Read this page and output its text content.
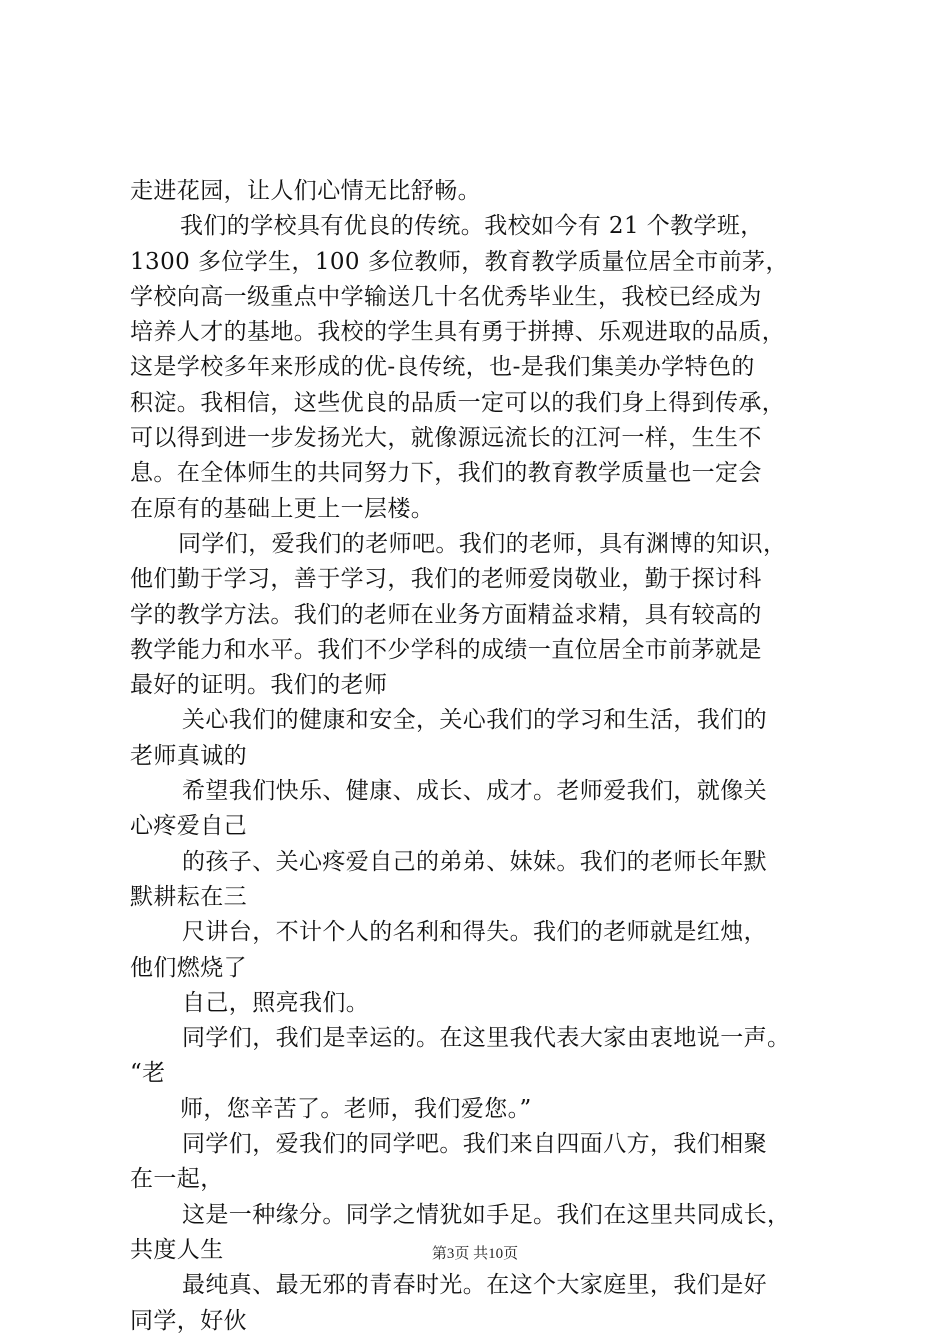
走进花园，让人们心情无比舒畅。
我们的学校具有优良的传统。我校如今有 21 个教学班，
1300 多位学生，100 多位教师，教育教学质量位居全市前茅，
学校向高一级重点中学输送几十名优秀毕业生，我校已经成为
培养人才的基地。我校的学生具有勇于拼搏、乐观进取的品质，
这是学校多年来形成的优-良传统，也-是我们集美办学特色的
积淀。我相信，这些优良的品质一定可以的我们身上得到传承，
可以得到进一步发扬光大，就像源远流长的江河一样，生生不
息。在全体师生的共同努力下，我们的教育教学质量也一定会
在原有的基础上更上一层楼。
同学们，爱我们的老师吧。我们的老师，具有渊博的知识，
他们勤于学习，善于学习，我们的老师爱岗敬业，勤于探讨科
学的教学方法。我们的老师在业务方面精益求精，具有较高的
教学能力和水平。我们不少学科的成绩一直位居全市前茅就是
最好的证明。我们的老师
关心我们的健康和安全，关心我们的学习和生活，我们的
老师真诚的
希望我们快乐、健康、成长、成才。老师爱我们，就像关
心疼爱自己
的孩子、关心疼爱自己的弟弟、妹妹。我们的老师长年默
默耕耘在三
尺讲台，不计个人的名利和得失。我们的老师就是红烛，
他们燃烧了
自己，照亮我们。
同学们，我们是幸运的。在这里我代表大家由衷地说一声。
“老
师，您辛苦了。老师，我们爱您。”
同学们，爱我们的同学吧。我们来自四面八方，我们相聚
在一起，
这是一种缘分。同学之情犹如手足。我们在这里共同成长，
共度人生
最纯真、最无邪的青春时光。在这个大家庭里，我们是好
同学，好伙
第3页 共10页
